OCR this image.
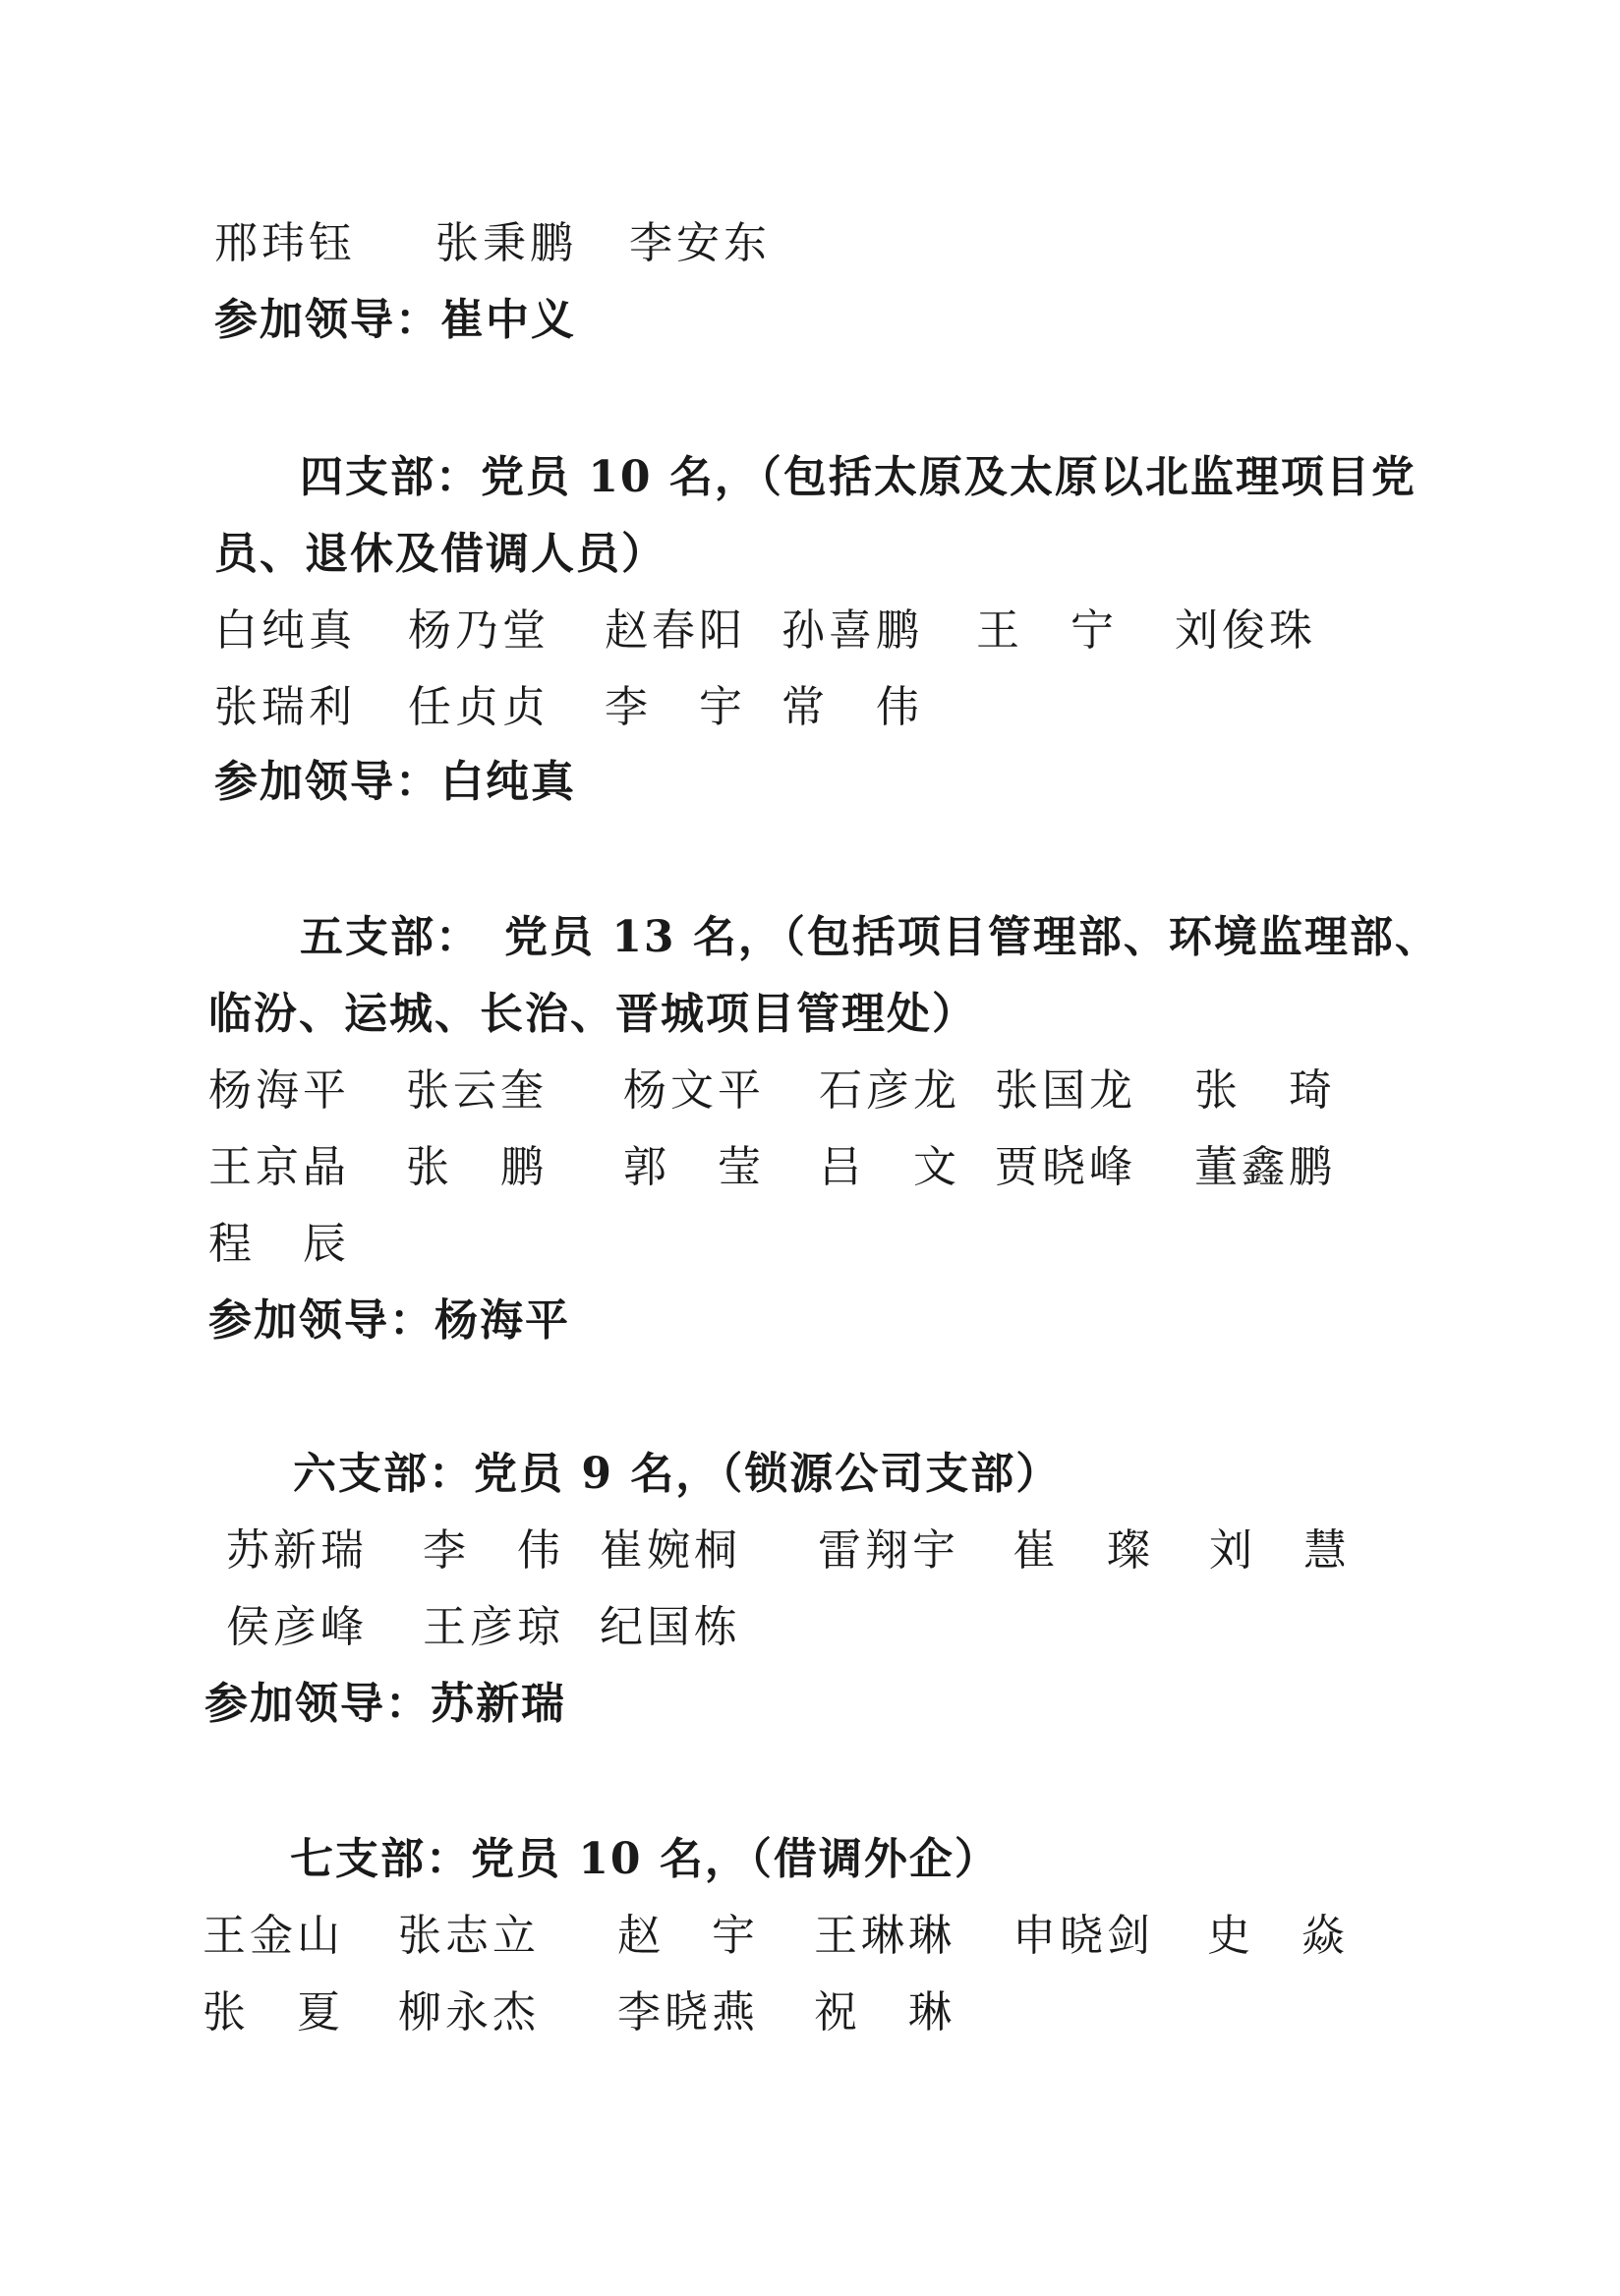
邢玮钰 张秉鹏 李安东
参加领导：崔中义
四支部：党员 10 名，（包括太原及太原以北监理项目党
员、退休及借调人员）
白纯真 杨乃堂 赵春阳 孙喜鹏 王　宁 刘俊珠
张瑞利 任贞贞 李　宇 常　伟
参加领导：白纯真
五支部：　党员 13 名，（包括项目管理部、环境监理部、
临汾、运城、长治、晋城项目管理处）
杨海平 张云奎 杨文平 石彦龙 张国龙 张　琦
王京晶 张　鹏 郭　莹 吕　文 贾晓峰 董鑫鹏
程　辰
参加领导：杨海平
六支部：党员 9 名，（锁源公司支部）
苏新瑞 李　伟 崔婉桐 雷翔宇 崔　璨 刘　慧
侯彦峰 王彦琼 纪国栋
参加领导：苏新瑞
七支部：党员 10 名，（借调外企）
王金山 张志立 赵　宇 王琳琳 申晓剑 史　焱
张　夏 柳永杰 李晓燕 祝　琳
